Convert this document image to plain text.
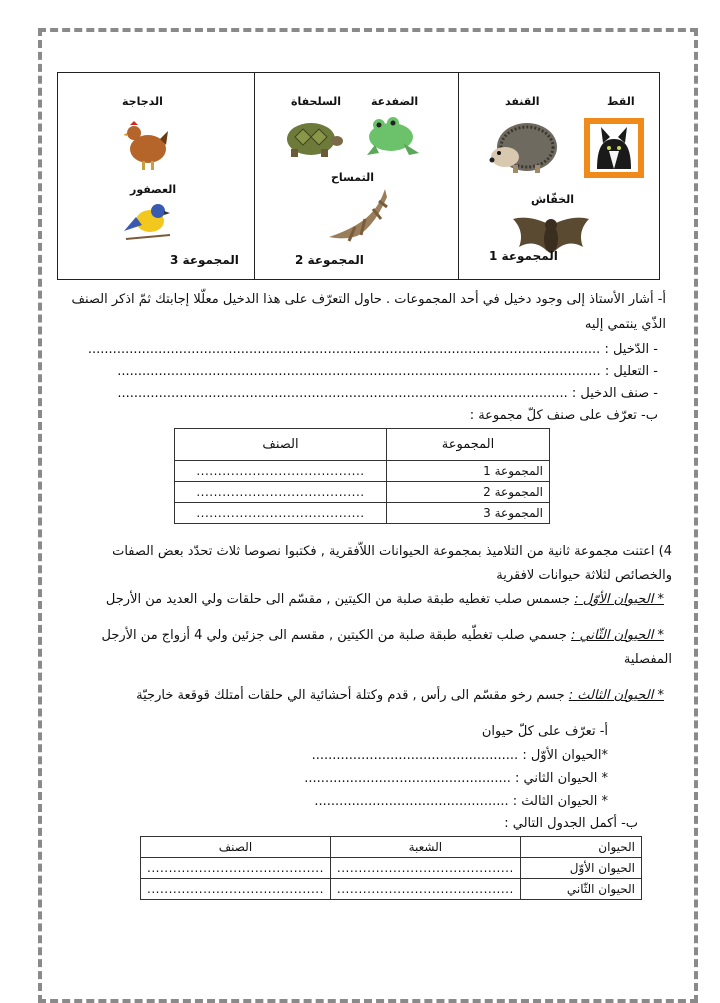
القط
القنفد
الخفّاش
المجموعة 1
الضفدعة
السلحفاة
التمساح
المجموعة 2
الدجاجة
العصفور
المجموعة 3
أ- أشار الأستاذ إلى وجود دخيل في أحد المجموعات . حاول التعرّف على هذا الدخيل معلّلا إجابتك ثمّ اذكر الصنف
الذّي ينتمي إليه
- الدّخيل : ............................................................................................................................
- التعليل : .....................................................................................................................
- صنف الدخيل : .............................................................................................................
ب- تعرّف على صنف كلّ مجموعة :
المجموعة	الصنف
المجموعة 1	.......................................
المجموعة 2	.......................................
المجموعة 3	.......................................
4) اعتنت مجموعة ثانية من التلاميذ بمجموعة الحيوانات اللاّفقرية , فكتبوا نصوصا ثلاث تحدّد بعض الصفات
والخصائص لثلاثة حيوانات لافقرية
* الحيوان الأوّل : جسمس صلب تغطيه طبقة صلبة من الكيتين , مقسّم الى حلقات ولي العديد من الأرجل
* الحيوان الثّاني : جسمي صلب تغطّيه طبقة صلبة من الكيتين , مقسم الى جزئين ولي 4 أزواج من الأرجل
المفصلية
* الحيوان الثالث : جسم رخو مقسّم الى رأس , قدم وكتلة أحشائية الي حلقات أمتلك قوقعة خارجيّة
أ- تعرّف على كلّ حيوان
*الحيوان الأوّل : ..................................................
* الحيوان الثاني : ..................................................
* الحيوان الثالث : ...............................................
ب- أكمل الجدول التالي :
الحيوان	الشعبة	الصنف
الحيوان الأوّل	.........................................	.........................................
الحيوان الثّاني	.........................................	.........................................
